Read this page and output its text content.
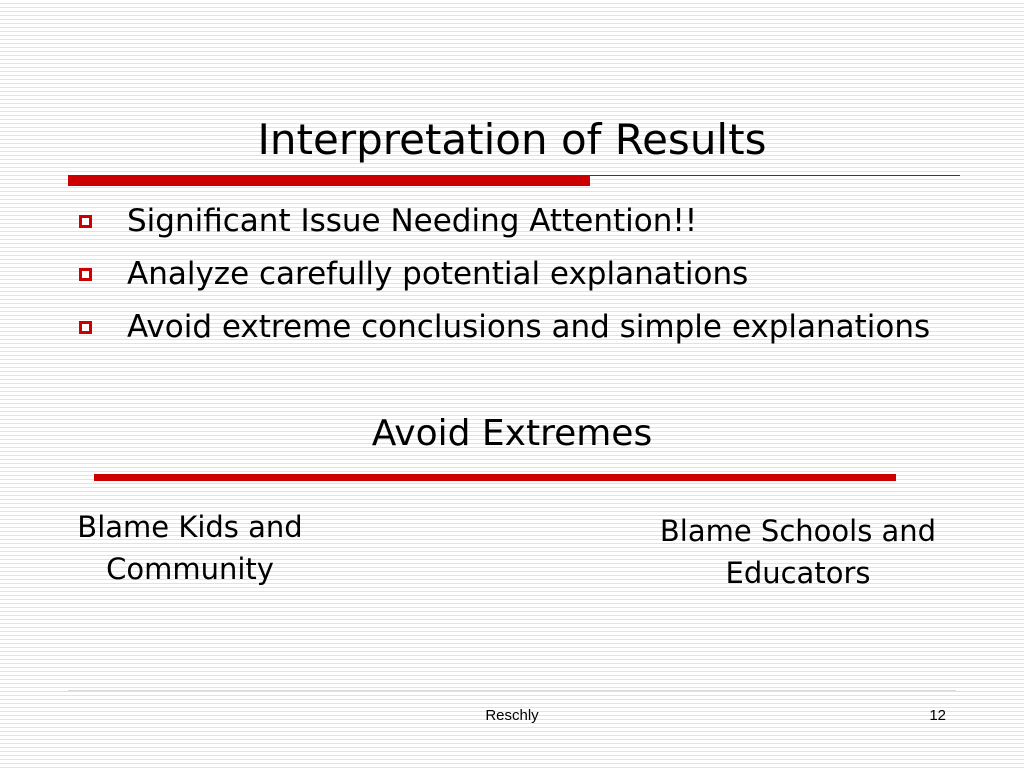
Interpretation of Results
Significant Issue Needing Attention!!
Analyze carefully potential explanations
Avoid extreme conclusions and simple explanations
Avoid Extremes
Blame Kids and Community
Blame Schools and Educators
Reschly	12
